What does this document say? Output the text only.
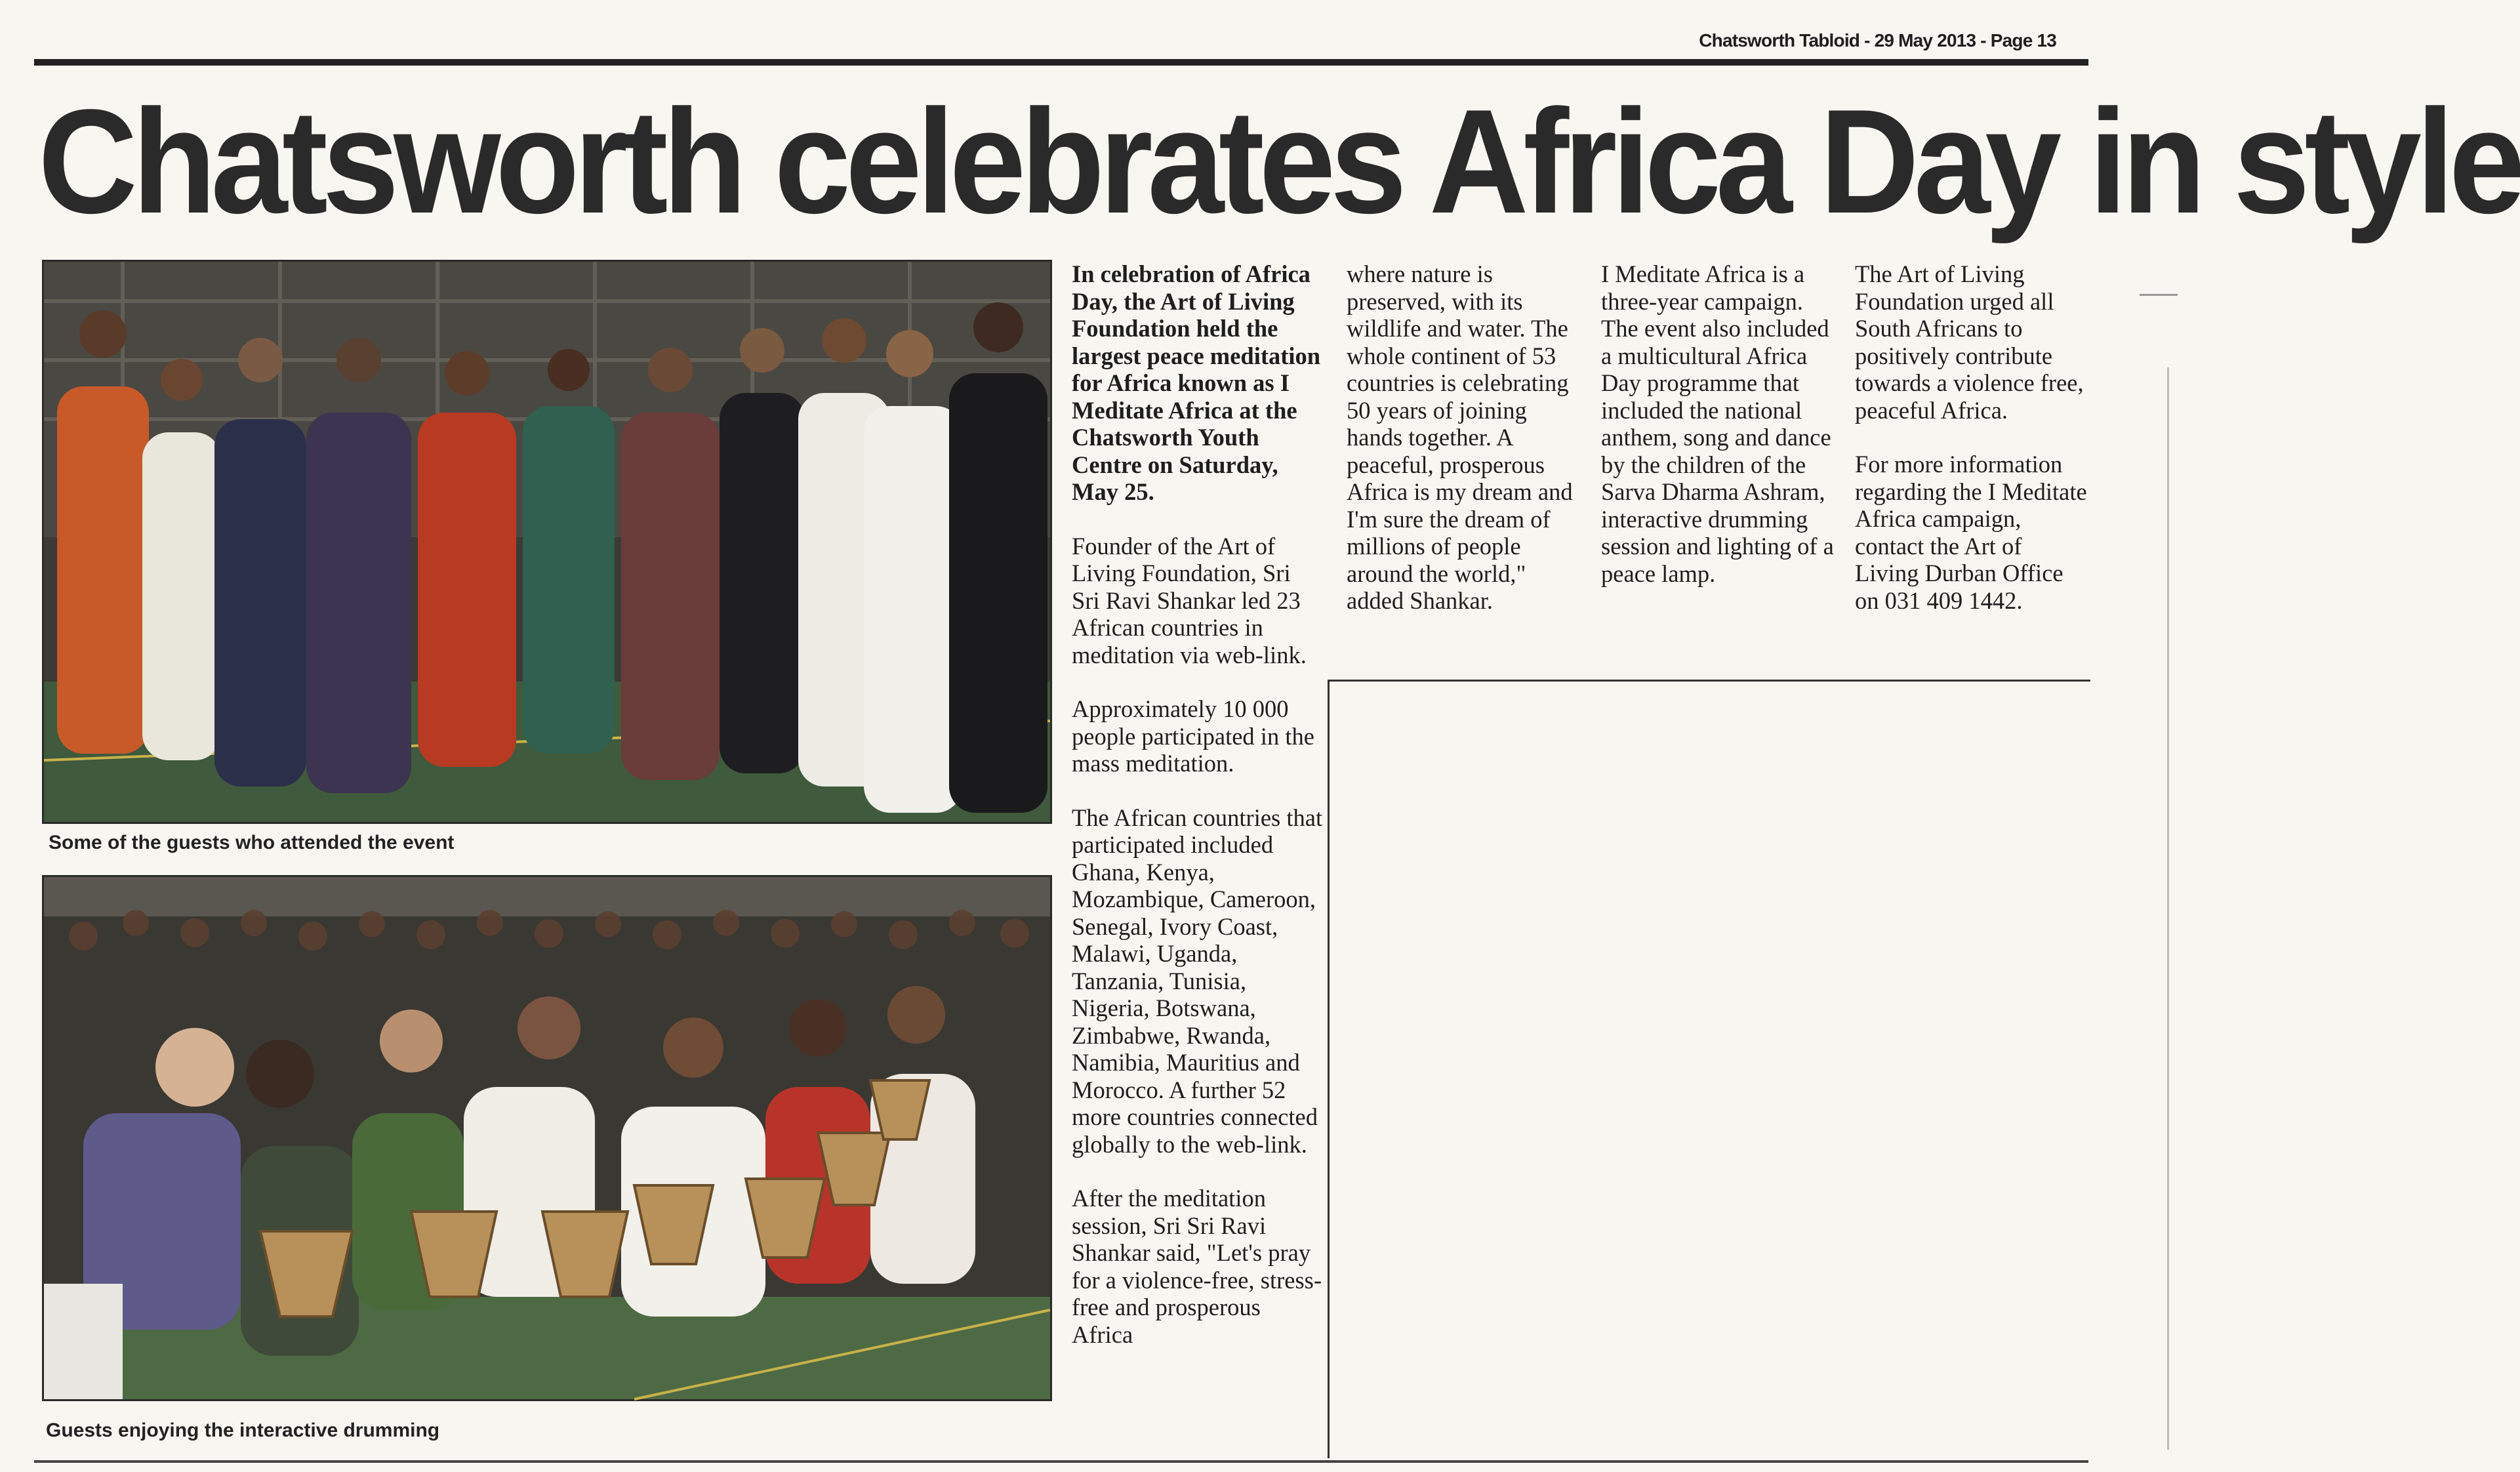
Chatsworth Tabloid - 29 May 2013 - Page 13
Chatsworth celebrates Africa Day in style
Some of the guests who attended the event
Guests enjoying the interactive drumming

In celebration of Africa Day, the Art of Living Foundation held the largest peace meditation for Africa known as I Meditate Africa at the Chatsworth Youth Centre on Saturday, May 25.

Founder of the Art of Living Foundation, Sri Sri Ravi Shankar led 23 African countries in meditation via web-link.

Approximately 10 000 people participated in the mass meditation.

The African countries that participated included Ghana, Kenya, Mozambique, Cameroon, Senegal, Ivory Coast, Malawi, Uganda, Tanzania, Tunisia, Nigeria, Botswana, Zimbabwe, Rwanda, Namibia, Mauritius and Morocco. A further 52 more countries connected globally to the web-link.

After the meditation session, Sri Sri Ravi Shankar said, "Let's pray for a violence-free, stress-free and prosperous Africa

where nature is preserved, with its wildlife and water. The whole continent of 53 countries is celebrating 50 years of joining hands together. A peaceful, prosperous Africa is my dream and I'm sure the dream of millions of people around the world," added Shankar.

I Meditate Africa is a three-year campaign. The event also included a multicultural Africa Day programme that included the national anthem, song and dance by the children of the Sarva Dharma Ashram, interactive drumming session and lighting of a peace lamp.

The Art of Living Foundation urged all South Africans to positively contribute towards a violence free, peaceful Africa.

For more information regarding the I Meditate Africa campaign, contact the Art of Living Durban Office on 031 409 1442.
